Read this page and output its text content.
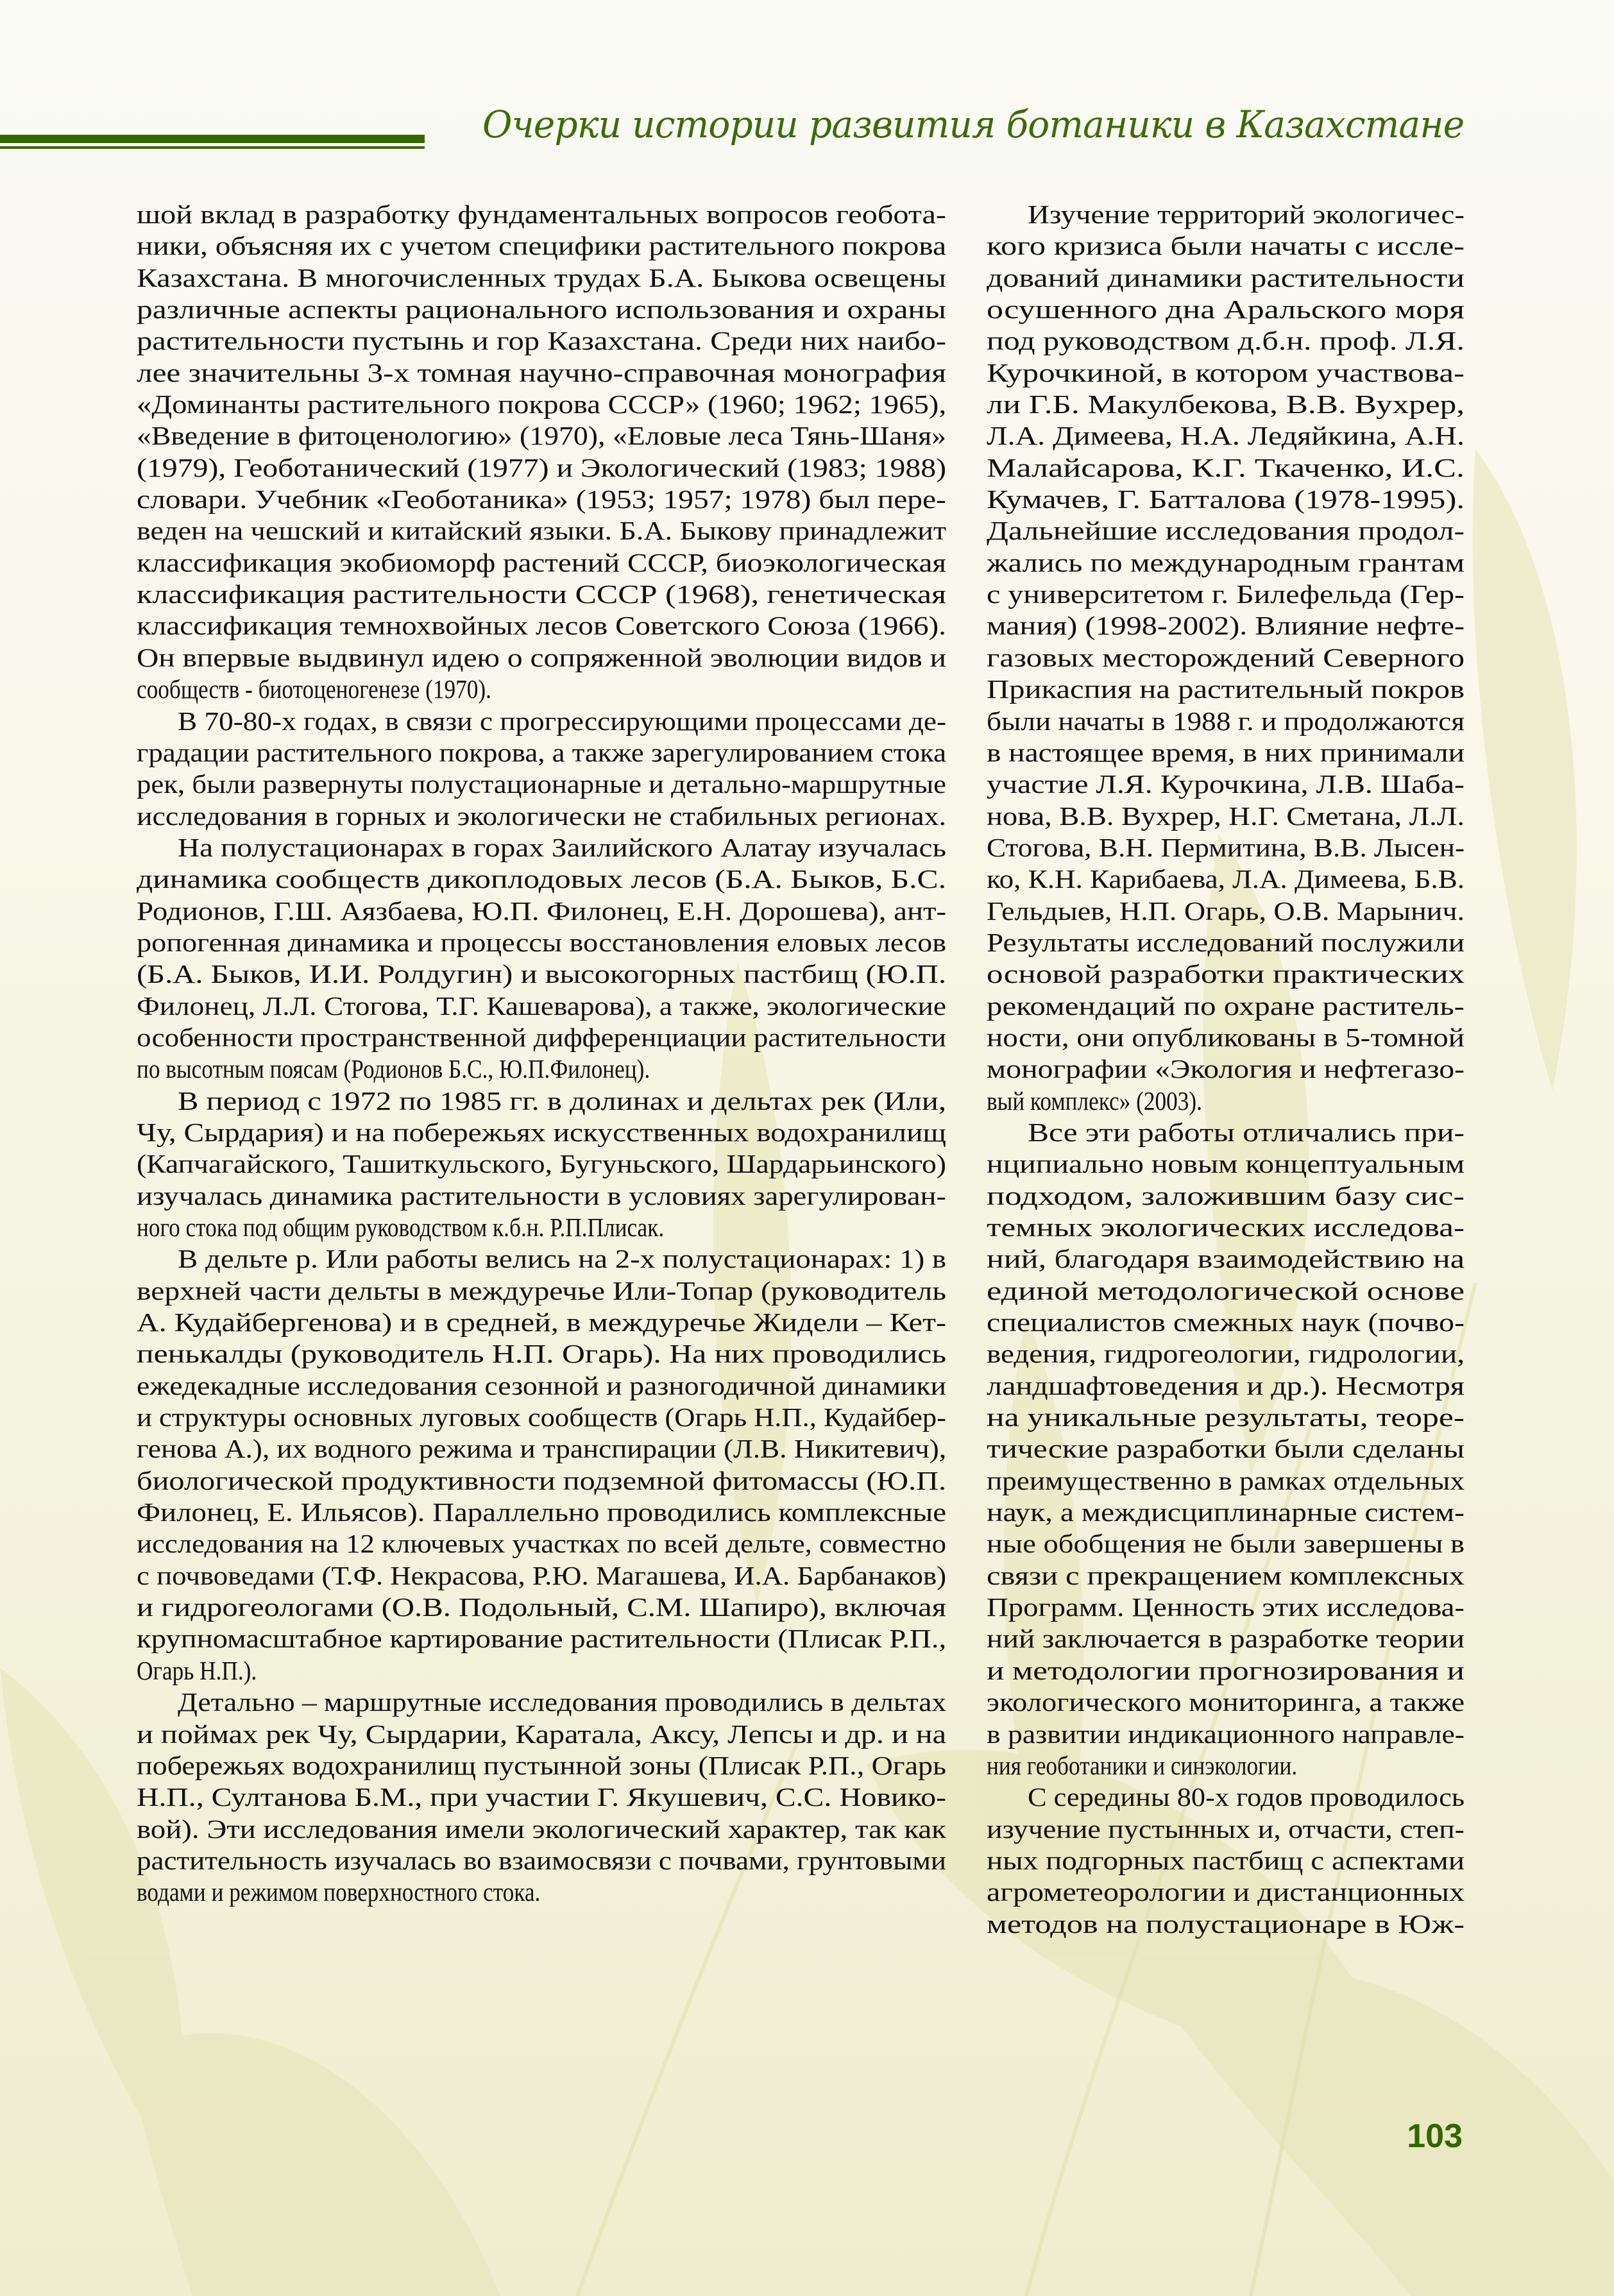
Очерки истории развития ботаники в Казахстане
шой вклад в разработку фундаментальных вопросов геобота-
ники, объясняя их с учетом специфики растительного покрова
Казахстана. В многочисленных трудах Б.А. Быкова освещены
различные аспекты рационального использования и охраны
растительности пустынь и гор Казахстана. Среди них наибо-
лее значительны 3-х томная научно-справочная монография
«Доминанты растительного покрова СССР» (1960; 1962; 1965),
«Введение в фитоценологию» (1970), «Еловые леса Тянь-Шаня»
(1979), Геоботанический (1977) и Экологический (1983; 1988)
словари. Учебник «Геоботаника» (1953; 1957; 1978) был пере-
веден на чешский и китайский языки. Б.А. Быкову принадлежит
классификация экобиоморф растений СССР, биоэкологическая
классификация растительности СССР (1968), генетическая
классификация темнохвойных лесов Советского Союза (1966).
Он впервые выдвинул идею о сопряженной эволюции видов и
сообществ - биотоценогенезе (1970).
В 70-80-х годах, в связи с прогрессирующими процессами де-
градации растительного покрова, а также зарегулированием стока
рек, были развернуты полустационарные и детально-маршрутные
исследования в горных и экологически не стабильных регионах.
На полустационарах в горах Заилийского Алатау изучалась
динамика сообществ дикоплодовых лесов (Б.А. Быков, Б.С.
Родионов, Г.Ш. Аязбаева, Ю.П. Филонец, Е.Н. Дорошева), ант-
ропогенная динамика и процессы восстановления еловых лесов
(Б.А. Быков, И.И. Ролдугин) и высокогорных пастбищ (Ю.П.
Филонец, Л.Л. Стогова, Т.Г. Кашеварова), а также, экологические
особенности пространственной дифференциации растительности
по высотным поясам (Родионов Б.С., Ю.П.Филонец).
В период с 1972 по 1985 гг. в долинах и дельтах рек (Или,
Чу, Сырдария) и на побережьях искусственных водохранилищ
(Капчагайского, Ташиткульского, Бугуньского, Шардарьинского)
изучалась динамика растительности в условиях зарегулирован-
ного стока под общим руководством к.б.н. Р.П.Плисак.
В дельте р. Или работы велись на 2-х полустационарах: 1) в
верхней части дельты в междуречье Или-Топар (руководитель
А. Кудайбергенова) и в средней, в междуречье Жидели – Кет-
пенькалды (руководитель Н.П. Огарь). На них проводились
ежедекадные исследования сезонной и разногодичной динамики
и структуры основных луговых сообществ (Огарь Н.П., Кудайбер-
генова А.), их водного режима и транспирации (Л.В. Никитевич),
биологической продуктивности подземной фитомассы (Ю.П.
Филонец, Е. Ильясов). Параллельно проводились комплексные
исследования на 12 ключевых участках по всей дельте, совместно
с почвоведами (Т.Ф. Некрасова, Р.Ю. Магашева, И.А. Барбанаков)
и гидрогеологами (О.В. Подольный, С.М. Шапиро), включая
крупномасштабное картирование растительности (Плисак Р.П.,
Огарь Н.П.).
Детально – маршрутные исследования проводились в дельтах
и поймах рек Чу, Сырдарии, Каратала, Аксу, Лепсы и др. и на
побережьях водохранилищ пустынной зоны (Плисак Р.П., Огарь
Н.П., Султанова Б.М., при участии Г. Якушевич, С.С. Новико-
вой). Эти исследования имели экологический характер, так как
растительность изучалась во взаимосвязи с почвами, грунтовыми
водами и режимом поверхностного стока.
Изучение территорий экологичес-
кого кризиса были начаты с иссле-
дований динамики растительности
осушенного дна Аральского моря
под руководством д.б.н. проф. Л.Я.
Курочкиной, в котором участвова-
ли Г.Б. Макулбекова, В.В. Вухрер,
Л.А. Димеева, Н.А. Ледяйкина, А.Н.
Малайсарова, К.Г. Ткаченко, И.С.
Кумачев, Г. Батталова (1978-1995).
Дальнейшие исследования продол-
жались по международным грантам
с университетом г. Билефельда (Гер-
мания) (1998-2002). Влияние нефте-
газовых месторождений Северного
Прикаспия на растительный покров
были начаты в 1988 г. и продолжаются
в настоящее время, в них принимали
участие Л.Я. Курочкина, Л.В. Шаба-
нова, В.В. Вухрер, Н.Г. Сметана, Л.Л.
Стогова, В.Н. Пермитина, В.В. Лысен-
ко, К.Н. Карибаева, Л.А. Димеева, Б.В.
Гельдыев, Н.П. Огарь, О.В. Марынич.
Результаты исследований послужили
основой разработки практических
рекомендаций по охране раститель-
ности, они опубликованы в 5-томной
монографии «Экология и нефтегазо-
вый комплекс» (2003).
Все эти работы отличались при-
нципиально новым концептуальным
подходом, заложившим базу сис-
темных экологических исследова-
ний, благодаря взаимодействию на
единой методологической основе
специалистов смежных наук (почво-
ведения, гидрогеологии, гидрологии,
ландшафтоведения и др.). Несмотря
на уникальные результаты, теоре-
тические разработки были сделаны
преимущественно в рамках отдельных
наук, а междисциплинарные систем-
ные обобщения не были завершены в
связи с прекращением комплексных
Программ. Ценность этих исследова-
ний заключается в разработке теории
и методологии прогнозирования и
экологического мониторинга, а также
в развитии индикационного направле-
ния геоботаники и синэкологии.
С середины 80-х годов проводилось
изучение пустынных и, отчасти, степ-
ных подгорных пастбищ с аспектами
агрометеорологии и дистанционных
методов на полустационаре в Юж-
103
